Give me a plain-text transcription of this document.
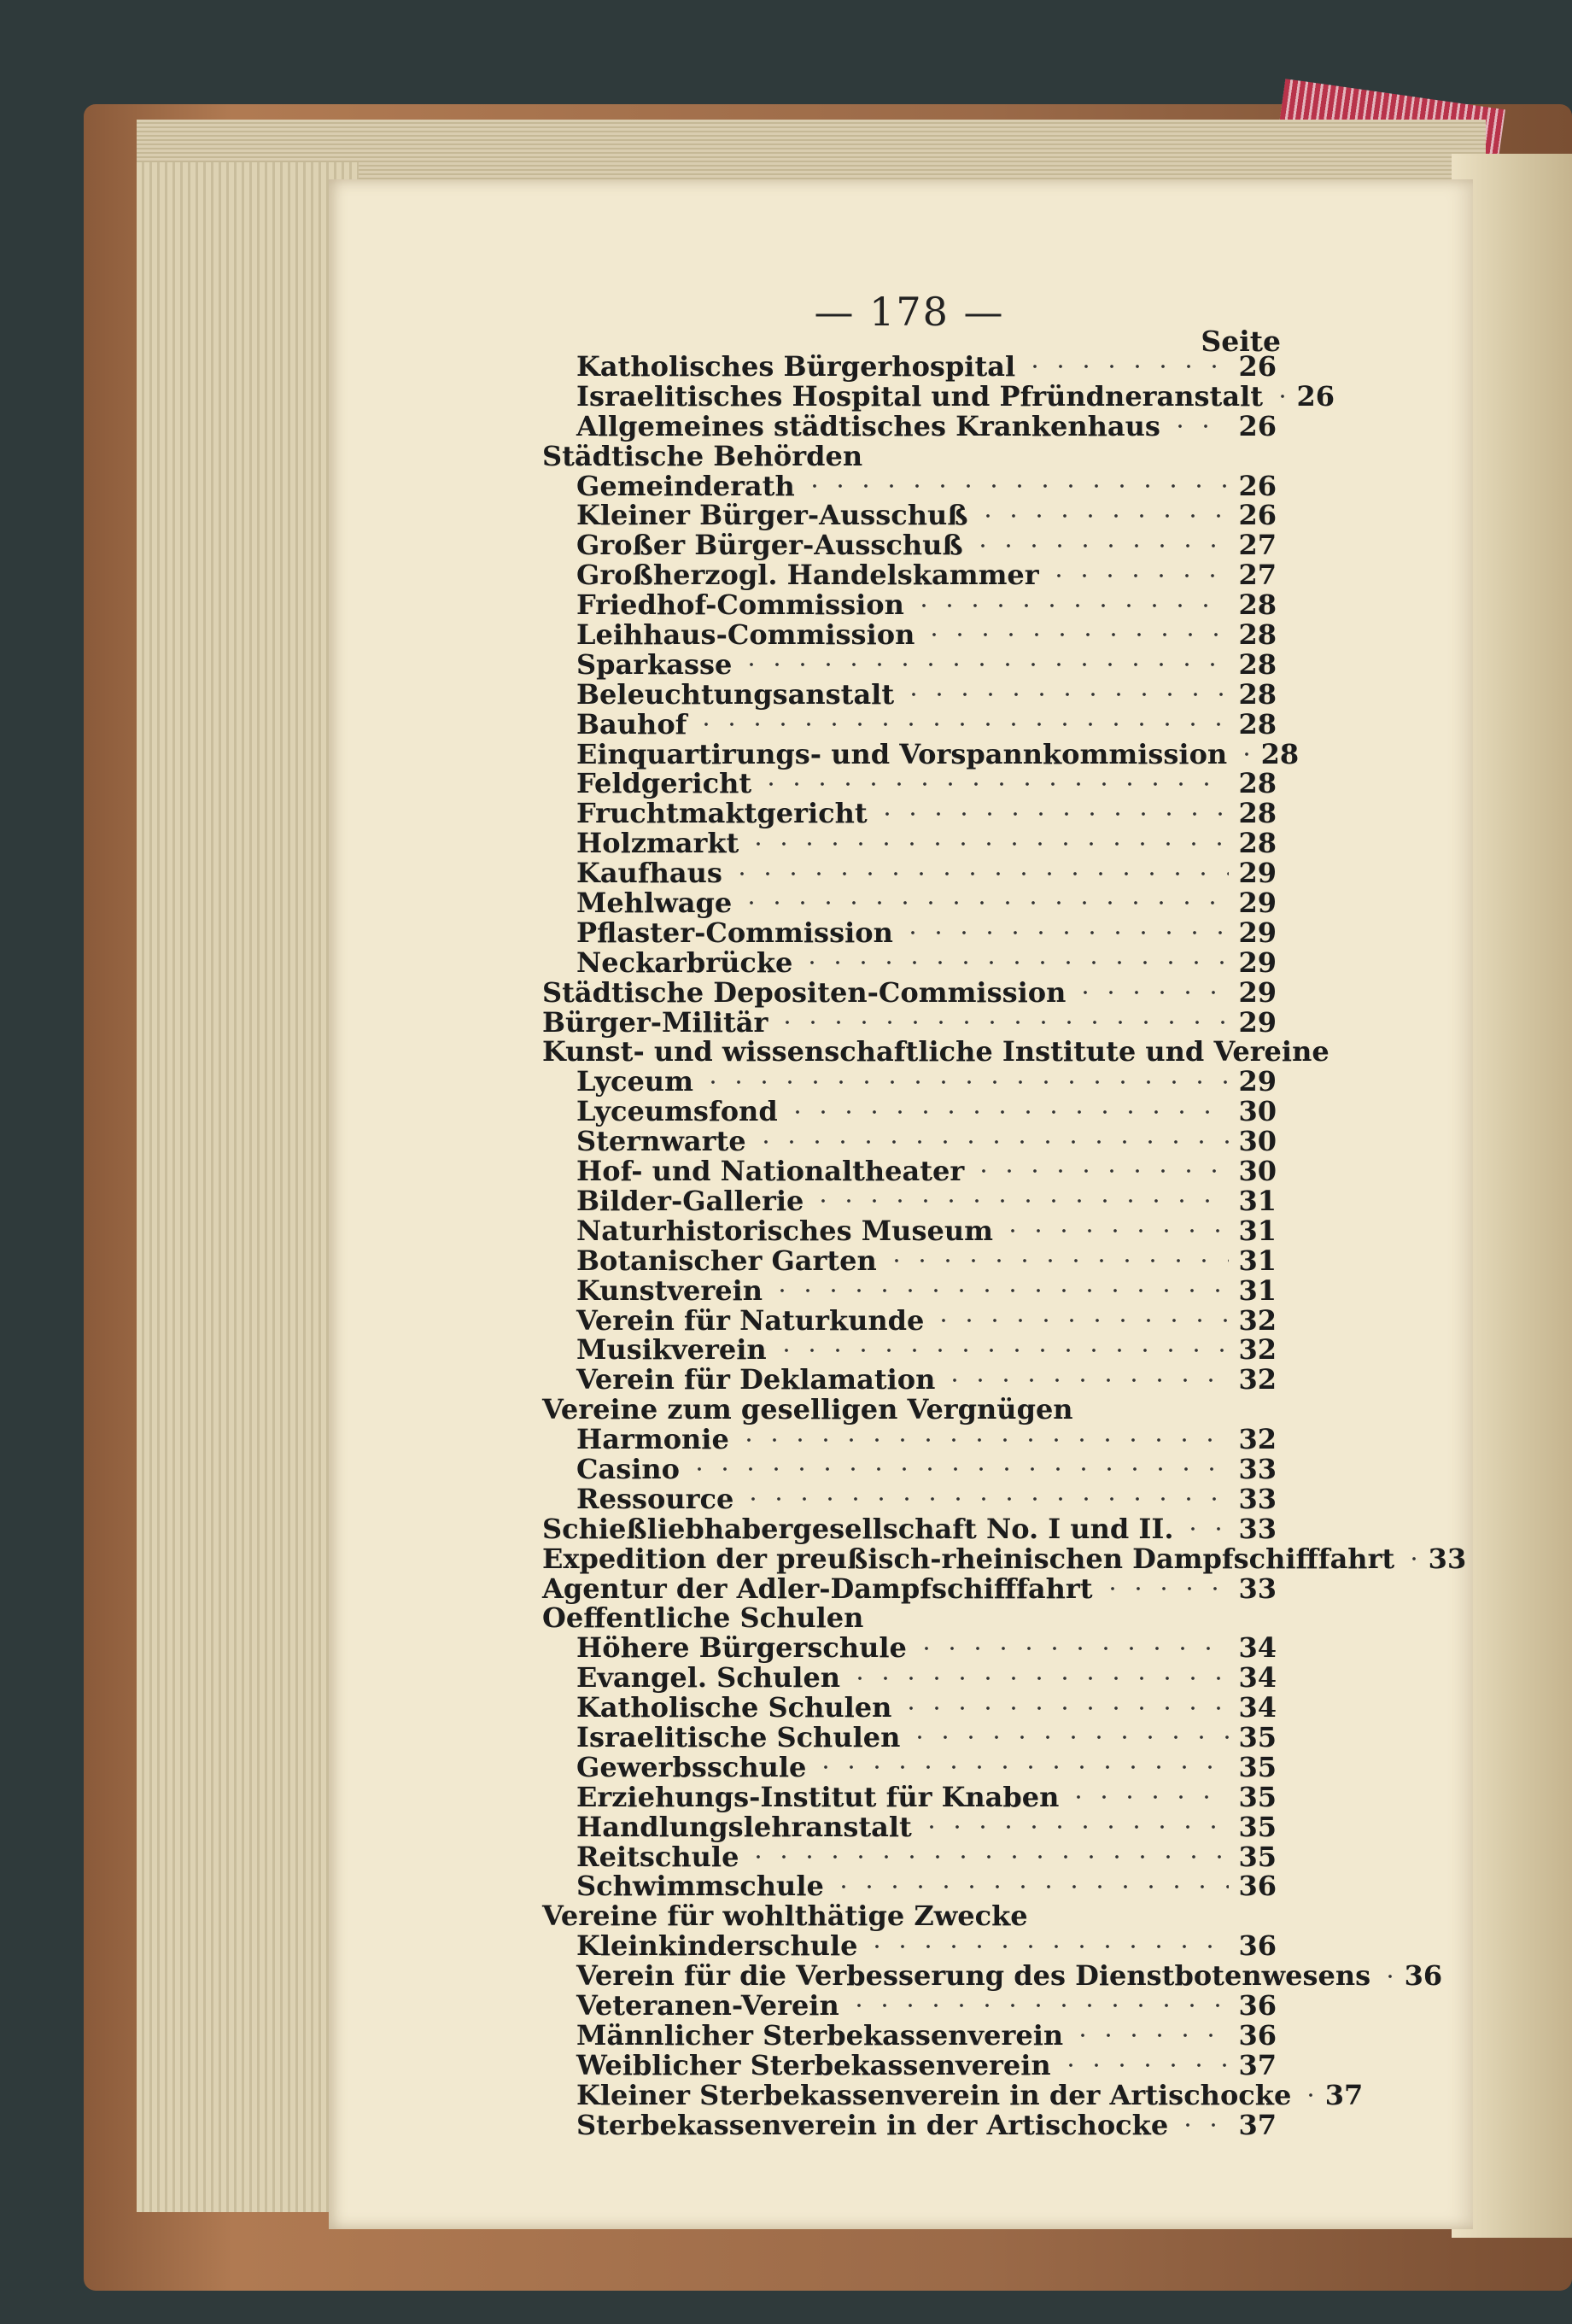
— 178 —
Seite
Katholisches Bürgerhospital	26
Israelitisches Hospital und Pfründneranstalt 26
Allgemeines städtisches Krankenhaus	26
Städtische Behörden
Gemeinderath	26
Kleiner Bürger-Ausschuß	26
Großer Bürger-Ausschuß	27
Großherzogl. Handelskammer	27
Friedhof-Commission	28
Leihhaus-Commission	28
Sparkasse	28
Beleuchtungsanstalt	28
Bauhof	28
Einquartirungs- und Vorspannkommission 28
Feldgericht	28
Fruchtmaktgericht	28
Holzmarkt	28
Kaufhaus	29
Mehlwage	29
Pflaster-Commission	29
Neckarbrücke	29
Städtische Depositen-Commission	29
Bürger-Militär	29
Kunst- und wissenschaftliche Institute und Vereine
Lyceum	29
Lyceumsfond	30
Sternwarte	30
Hof- und Nationaltheater	30
Bilder-Gallerie	31
Naturhistorisches Museum	31
Botanischer Garten	31
Kunstverein	31
Verein für Naturkunde	32
Musikverein	32
Verein für Deklamation	32
Vereine zum geselligen Vergnügen
Harmonie	32
Casino	33
Ressource	33
Schießliebhabergesellschaft No. I und II. 33
Expedition der preußisch-rheinischen Dampfschifffahrt 33
Agentur der Adler-Dampfschifffahrt	33
Oeffentliche Schulen
Höhere Bürgerschule	34
Evangel. Schulen	34
Katholische Schulen	34
Israelitische Schulen	35
Gewerbsschule	35
Erziehungs-Institut für Knaben	35
Handlungslehranstalt	35
Reitschule	35
Schwimmschule	36
Vereine für wohlthätige Zwecke
Kleinkinderschule	36
Verein für die Verbesserung des Dienstbotenwesens 36
Veteranen-Verein	36
Männlicher Sterbekassenverein	36
Weiblicher Sterbekassenverein	37
Kleiner Sterbekassenverein in der Artischocke 37
Sterbekassenverein in der Artischocke	37
